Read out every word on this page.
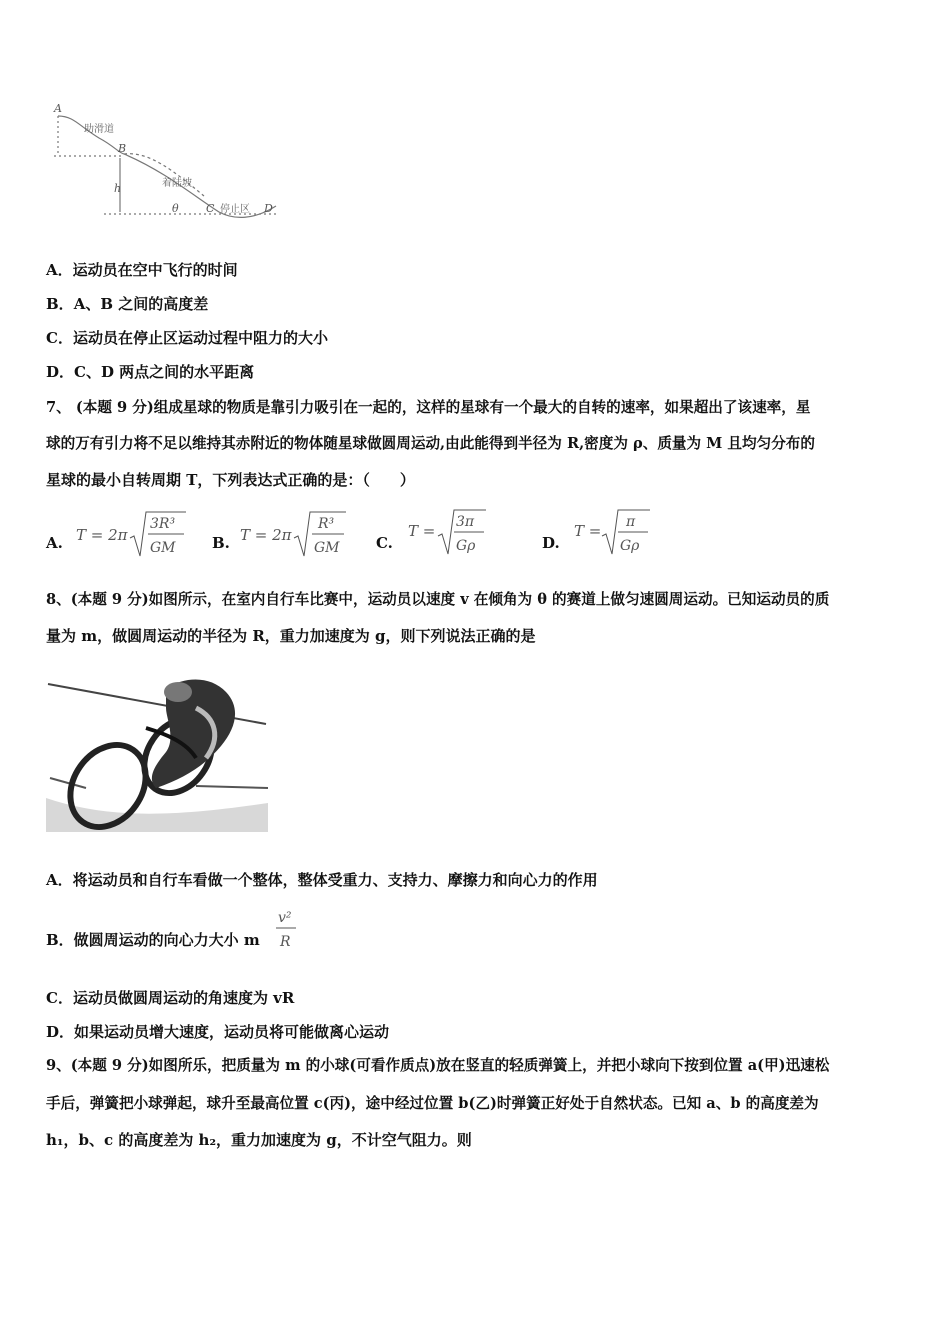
A
助滑道
B
h	着陆坡
θ C 停止区 D
A．运动员在空中飞行的时间
B．A、B 之间的高度差
C．运动员在停止区运动过程中阻力的大小
D．C、D 两点之间的水平距离
7、 (本题 9 分)组成星球的物质是靠引力吸引在一起的，这样的星球有一个最大的自转的速率，如果超出了该速率，星
球的万有引力将不足以维持其赤附近的物体随星球做圆周运动,由此能得到半径为 R,密度为 ρ、质量为 M 且均匀分布的
星球的最小自转周期 T，下列表达式正确的是：（　　）
A. T = 2π
3R³
GM B. T = 2π
R³
GM C.
T = 3π
Gρ	D.
T = π
Gρ
8、(本题 9 分)如图所示，在室内自行车比赛中，运动员以速度 v 在倾角为 θ 的赛道上做匀速圆周运动。已知运动员的质
量为 m，做圆周运动的半径为 R，重力加速度为 g，则下列说法正确的是
A．将运动员和自行车看做一个整体，整体受重力、支持力、摩擦力和向心力的作用
B．做圆周运动的向心力大小 m
v²
R
C．运动员做圆周运动的角速度为 vR
D．如果运动员增大速度，运动员将可能做离心运动
9、(本题 9 分)如图所乐，把质量为 m 的小球(可看作质点)放在竖直的轻质弹簧上，并把小球向下按到位置 a(甲)迅速松
手后，弹簧把小球弹起，球升至最高位置 c(丙)，途中经过位置 b(乙)时弹簧正好处于自然状态。已知 a、b 的高度差为
h₁，b、c 的高度差为 h₂，重力加速度为 g，不计空气阻力。则
